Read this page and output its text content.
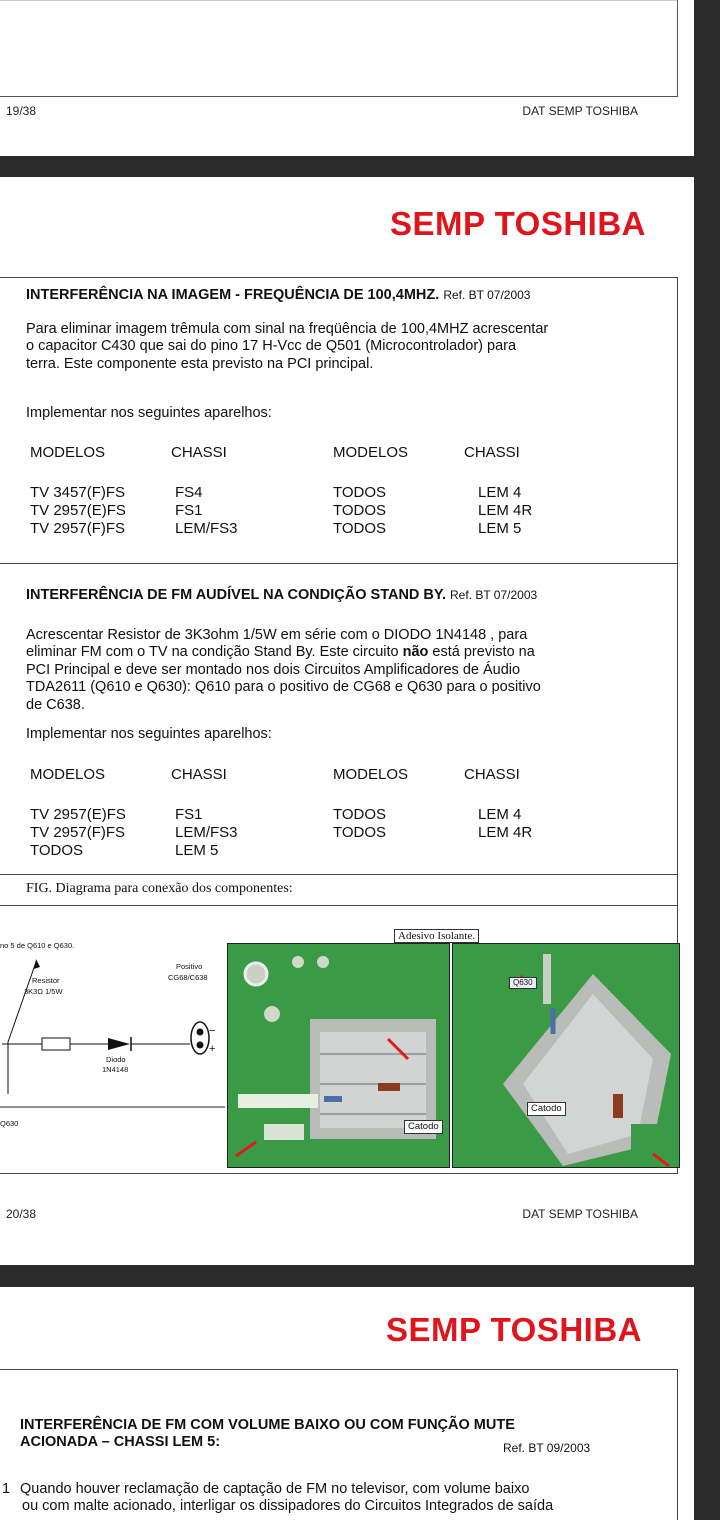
19/38	DAT SEMP TOSHIBA
SEMP TOSHIBA
INTERFERÊNCIA NA IMAGEM - FREQUÊNCIA DE 100,4MHZ. Ref. BT 07/2003
Para eliminar imagem trêmula com sinal na freqüência de 100,4MHZ acrescentar
o capacitor C430 que sai do pino 17 H-Vcc de Q501 (Microcontrolador) para
terra. Este componente esta previsto na PCI principal.
Implementar nos seguintes aparelhos:
MODELOS	CHASSI	MODELOS	CHASSI
TV 3457(F)FS	FS4	TODOS	LEM 4
TV 2957(E)FS	FS1	TODOS	LEM 4R
TV 2957(F)FS	LEM/FS3	TODOS	LEM 5
INTERFERÊNCIA DE FM AUDÍVEL NA CONDIÇÃO STAND BY. Ref. BT 07/2003
Acrescentar Resistor de 3K3ohm 1/5W em série com o DIODO 1N4148 , para
eliminar FM com o TV na condição Stand By. Este circuito não está previsto na
PCI Principal e deve ser montado nos dois Circuitos Amplificadores de Áudio
TDA2611 (Q610 e Q630): Q610 para o positivo de CG68 e Q630 para o positivo
de C638.
Implementar nos seguintes aparelhos:
MODELOS	CHASSI	MODELOS	CHASSI
TV 2957(E)FS	FS1	TODOS	LEM 4
TV 2957(F)FS	LEM/FS3	TODOS	LEM 4R
TODOS	LEM 5
FIG. Diagrama para conexão dos componentes:
no 5 de Q610 e Q630.
Resistor
3K3Ω 1/5W
Positivo
CG68/C638
Diodo
1N4148
Q630
−
+
Catodo
Catodo
Q630
Adesivo Isolante.
20/38	DAT SEMP TOSHIBA
SEMP TOSHIBA
INTERFERÊNCIA DE FM COM VOLUME BAIXO OU COM FUNÇÃO MUTE
ACIONADA – CHASSI LEM 5:	Ref. BT 09/2003
1 Quando houver reclamação de captação de FM no televisor, com volume baixo
ou com malte acionado, interligar os dissipadores do Circuitos Integrados de saída
